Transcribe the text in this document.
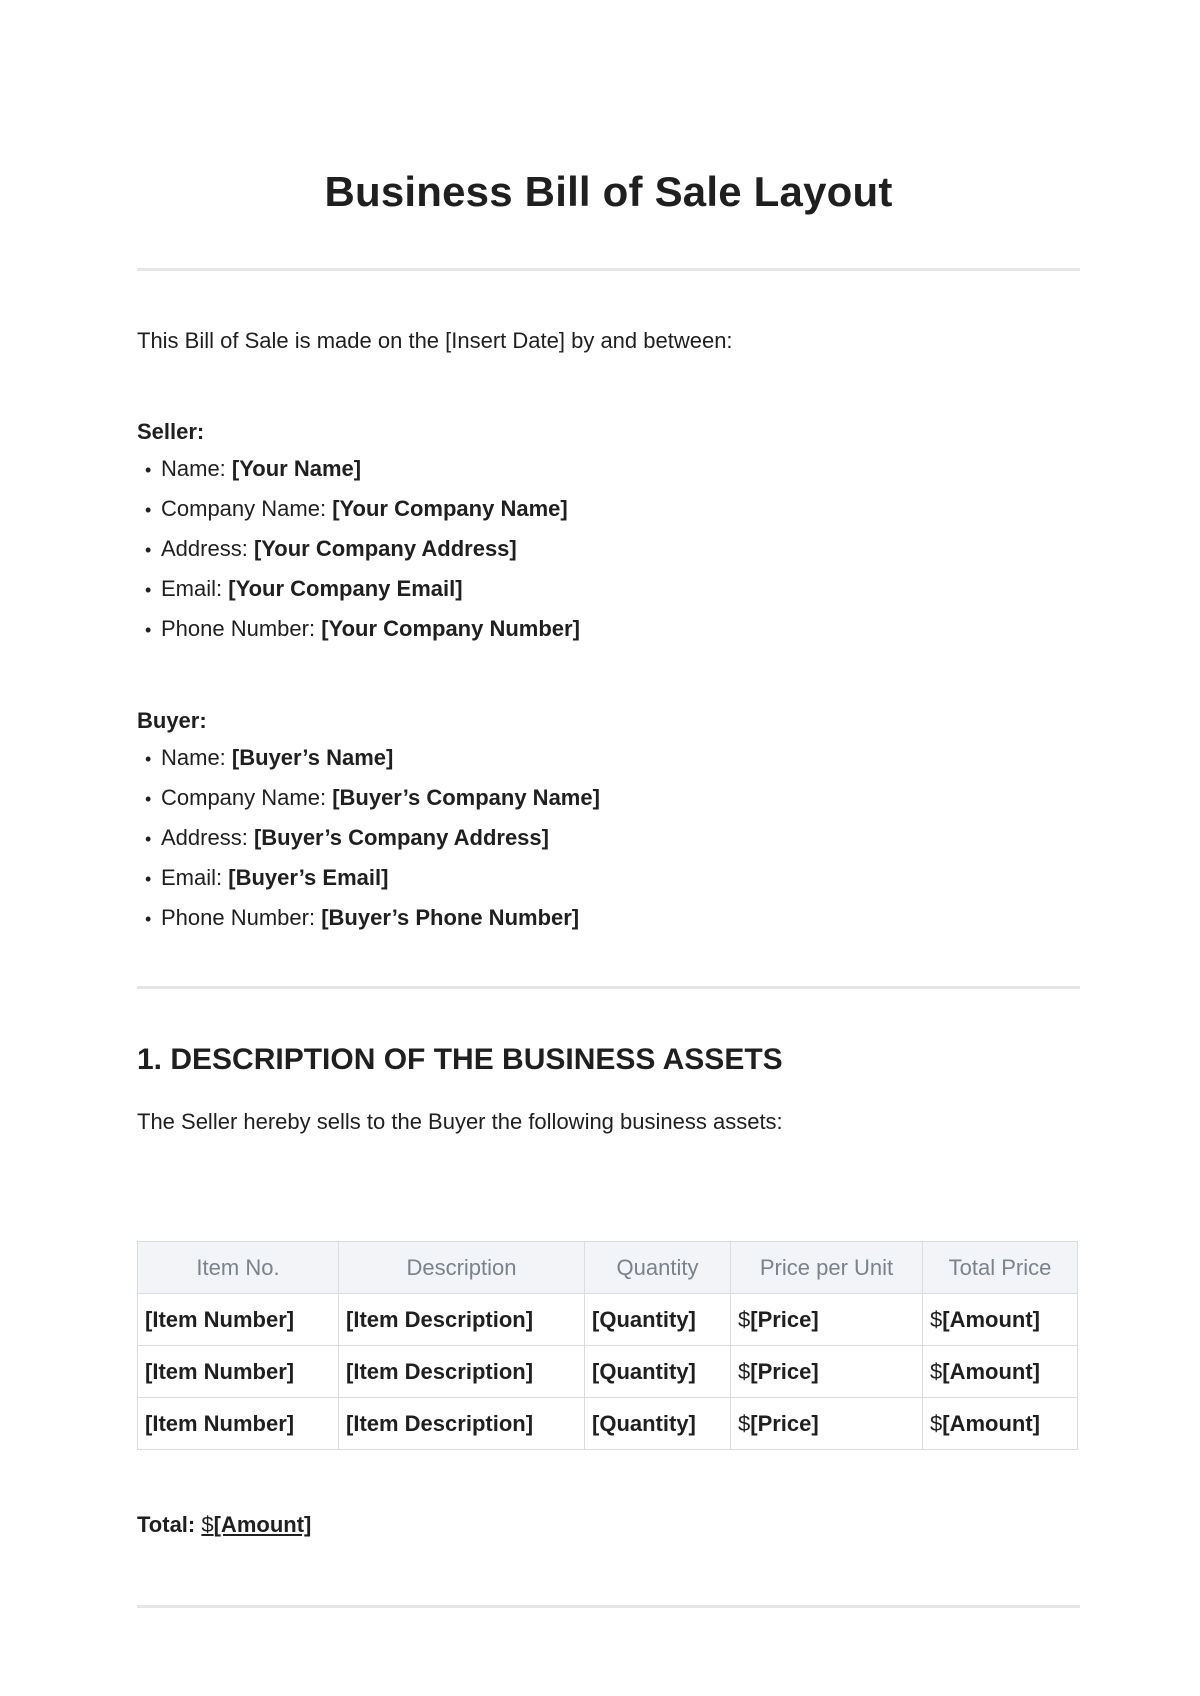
Business Bill of Sale Layout

This Bill of Sale is made on the [Insert Date] by and between:

Seller:
• Name: [Your Name]
• Company Name: [Your Company Name]
• Address: [Your Company Address]
• Email: [Your Company Email]
• Phone Number: [Your Company Number]
Buyer:
• Name: [Buyer’s Name]
• Company Name: [Buyer’s Company Name]
• Address: [Buyer’s Company Address]
• Email: [Buyer’s Email]
• Phone Number: [Buyer’s Phone Number]
1. DESCRIPTION OF THE BUSINESS ASSETS

The Seller hereby sells to the Buyer the following business assets:

Item No.	Description	Quantity	Price per Unit	Total Price
[Item Number]	[Item Description]	[Quantity]	$[Price]	$[Amount]
[Item Number]	[Item Description]	[Quantity]	$[Price]	$[Amount]
[Item Number]	[Item Description]	[Quantity]	$[Price]	$[Amount]
Total: $[Amount]
